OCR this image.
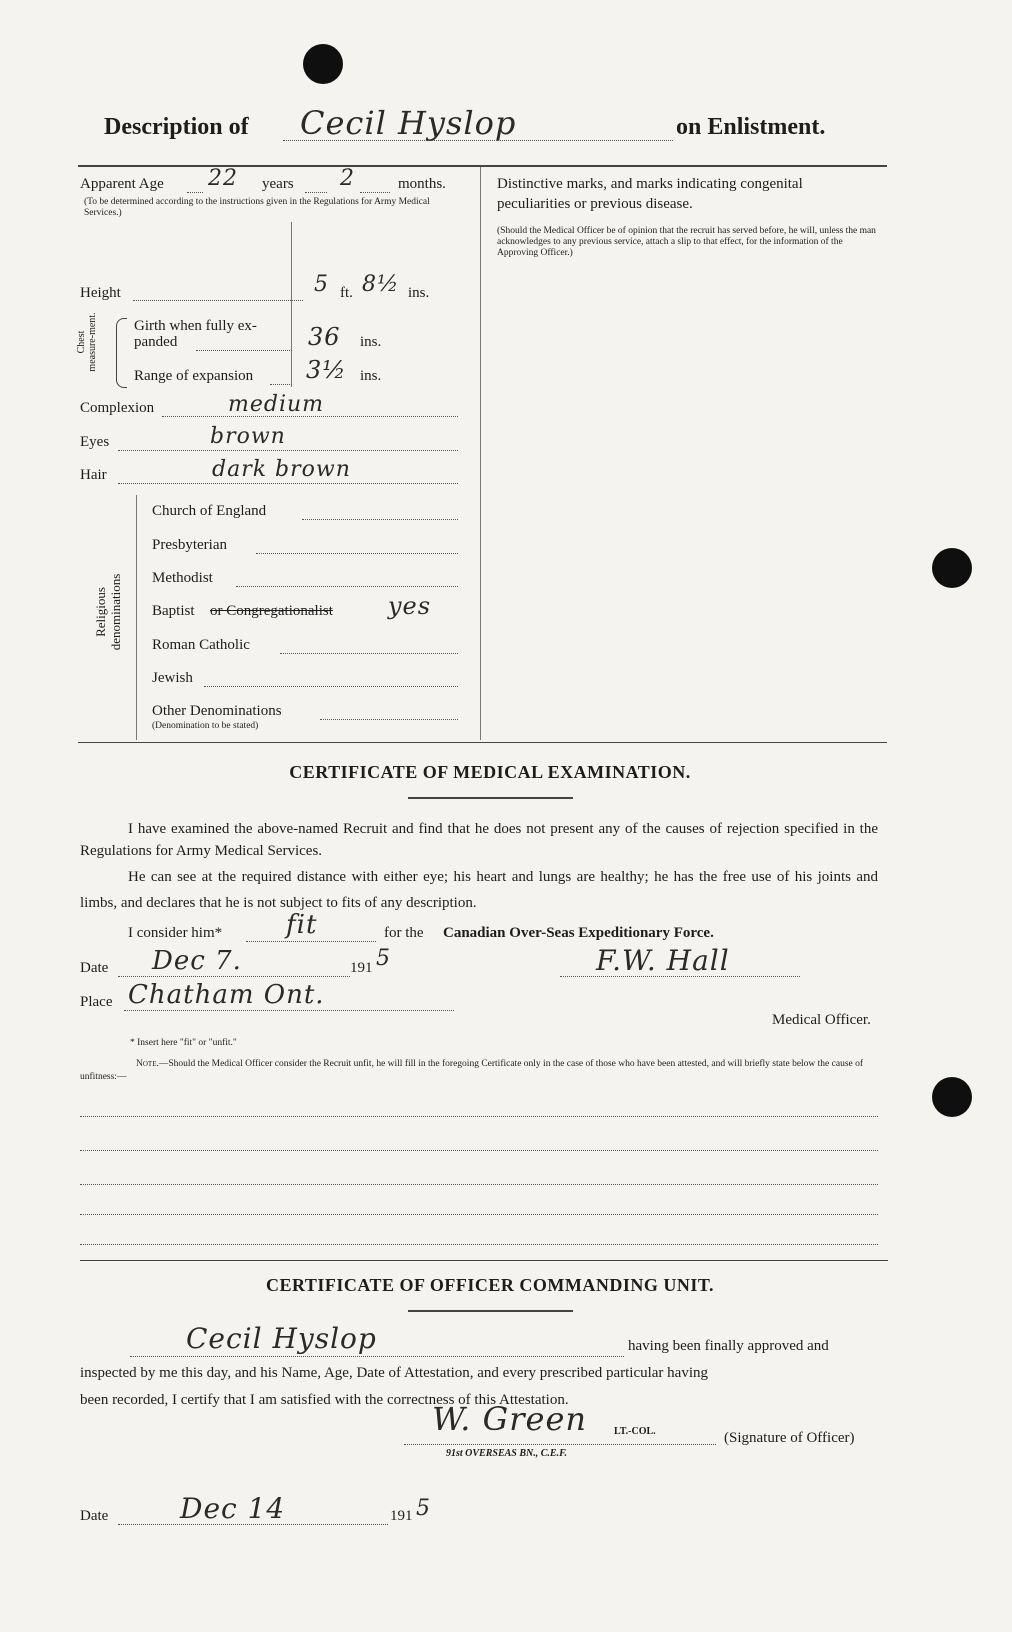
Description of Cecil Hyslop	on Enlistment.
Apparent Age 22 years 2	months.
(To be determined according to the instructions given in the Regulations for Army Medical Services.)
Height	5 ft. 8½ ins.
Chest measure-ment. Girth when fully ex-
panded	36 ins.
Range of expansion 3½ ins.
Complexion	medium
Eyes	brown
Hair	dark brown
Religious denominations
Church of England
Presbyterian
Methodist
Baptist or Congregationalist yes
Roman Catholic
Jewish
Other Denominations
(Denomination to be stated)
Distinctive marks, and marks indicating congenital
peculiarities or previous disease.
(Should the Medical Officer be of opinion that the recruit has served before, he will, unless the man acknowledges to any previous service, attach a slip to that effect, for the information of the Approving Officer.)
CERTIFICATE OF MEDICAL EXAMINATION.
I have examined the above-named Recruit and find that he does not present any of the causes of rejection specified in the Regulations for Army Medical Services.
He can see at the required distance with either eye; his heart and lungs are healthy; he has the free use of his joints and limbs, and declares that he is not subject to fits of any description.
I consider him* fit	for the Canadian Over-Seas Expeditionary Force.
Date Dec 7.	191 5	F.W. Hall
Place Chatham Ont.
Medical Officer.
* Insert here "fit" or "unfit."
Note.—Should the Medical Officer consider the Recruit unfit, he will fill in the foregoing Certificate only in the case of those who have been attested, and will briefly state below the cause of unfitness:—
CERTIFICATE OF OFFICER COMMANDING UNIT.
Cecil Hyslop	having been finally approved and
inspected by me this day, and his Name, Age, Date of Attestation, and every prescribed particular having
been recorded, I certify that I am satisfied with the correctness of this Attestation.
W. Green	LT.-COL.
91st OVERSEAS BN., C.E.F.
(Signature of Officer)
Date	Dec 14	191 5
